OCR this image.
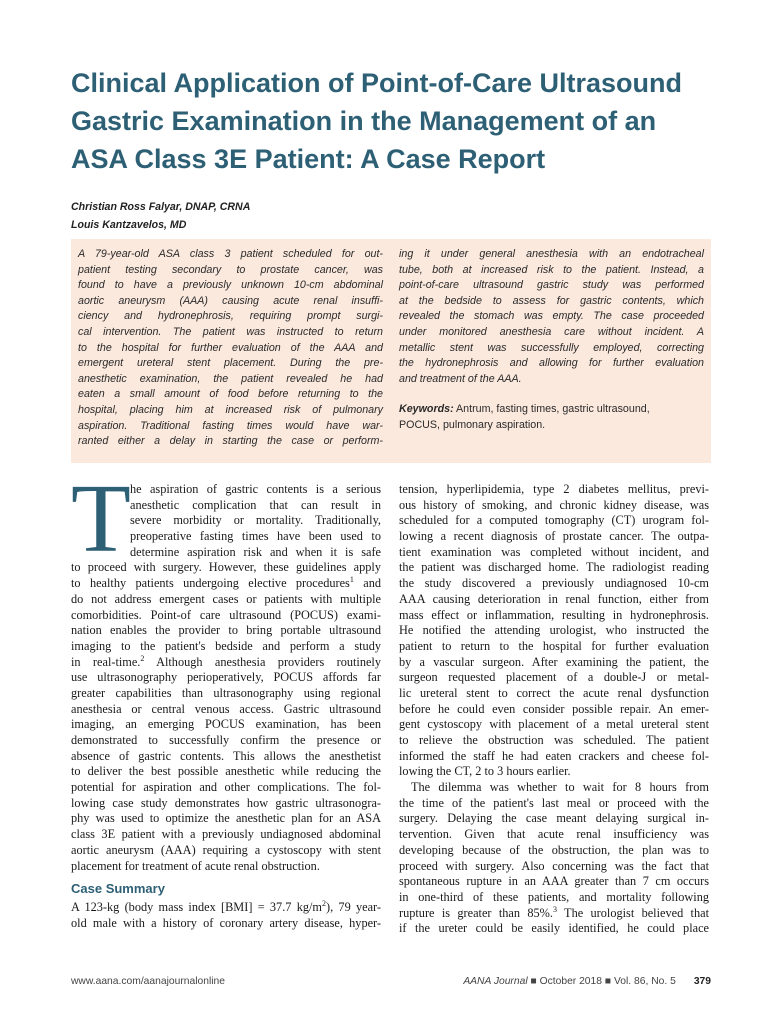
Clinical Application of Point-of-Care Ultrasound
Gastric Examination in the Management of an
ASA Class 3E Patient: A Case Report
Christian Ross Falyar, DNAP, CRNA
Louis Kantzavelos, MD
A 79-year-old ASA class 3 patient scheduled for out-
patient testing secondary to prostate cancer, was
found to have a previously unknown 10-cm abdominal
aortic aneurysm (AAA) causing acute renal insuffi-
ciency and hydronephrosis, requiring prompt surgi-
cal intervention. The patient was instructed to return
to the hospital for further evaluation of the AAA and
emergent ureteral stent placement. During the pre-
anesthetic examination, the patient revealed he had
eaten a small amount of food before returning to the
hospital, placing him at increased risk of pulmonary
aspiration. Traditional fasting times would have war-
ranted either a delay in starting the case or perform-
ing it under general anesthesia with an endotracheal
tube, both at increased risk to the patient. Instead, a
point-of-care ultrasound gastric study was performed
at the bedside to assess for gastric contents, which
revealed the stomach was empty. The case proceeded
under monitored anesthesia care without incident. A
metallic stent was successfully employed, correcting
the hydronephrosis and allowing for further evaluation
and treatment of the AAA.
Keywords: Antrum, fasting times, gastric ultrasound,
POCUS, pulmonary aspiration.
T he aspiration of gastric contents is a serious
anesthetic complication that can result in
severe morbidity or mortality. Traditionally,
preoperative fasting times have been used to
determine aspiration risk and when it is safe
to proceed with surgery. However, these guidelines apply
to healthy patients undergoing elective procedures$^1$ and
do not address emergent cases or patients with multiple
comorbidities. Point-of care ultrasound (POCUS) exami-
nation enables the provider to bring portable ultrasound
imaging to the patient's bedside and perform a study
in real-time.$^2$ Although anesthesia providers routinely
use ultrasonography perioperatively, POCUS affords far
greater capabilities than ultrasonography using regional
anesthesia or central venous access. Gastric ultrasound
imaging, an emerging POCUS examination, has been
demonstrated to successfully confirm the presence or
absence of gastric contents. This allows the anesthetist
to deliver the best possible anesthetic while reducing the
potential for aspiration and other complications. The fol-
lowing case study demonstrates how gastric ultrasonogra-
phy was used to optimize the anesthetic plan for an ASA
class 3E patient with a previously undiagnosed abdominal
aortic aneurysm (AAA) requiring a cystoscopy with stent
placement for treatment of acute renal obstruction.
Case Summary
A 123-kg (body mass index [BMI] = 37.7 $kg/m^2$), 79 year-
old male with a history of coronary artery disease, hyper-
tension, hyperlipidemia, type 2 diabetes mellitus, previ-
ous history of smoking, and chronic kidney disease, was
scheduled for a computed tomography (CT) urogram fol-
lowing a recent diagnosis of prostate cancer. The outpa-
tient examination was completed without incident, and
the patient was discharged home. The radiologist reading
the study discovered a previously undiagnosed 10-cm
AAA causing deterioration in renal function, either from
mass effect or inflammation, resulting in hydronephrosis.
He notified the attending urologist, who instructed the
patient to return to the hospital for further evaluation
by a vascular surgeon. After examining the patient, the
surgeon requested placement of a double-J or metal-
lic ureteral stent to correct the acute renal dysfunction
before he could even consider possible repair. An emer-
gent cystoscopy with placement of a metal ureteral stent
to relieve the obstruction was scheduled. The patient
informed the staff he had eaten crackers and cheese fol-
lowing the CT, 2 to 3 hours earlier.
The dilemma was whether to wait for 8 hours from
the time of the patient's last meal or proceed with the
surgery. Delaying the case meant delaying surgical in-
tervention. Given that acute renal insufficiency was
developing because of the obstruction, the plan was to
proceed with surgery. Also concerning was the fact that
spontaneous rupture in an AAA greater than 7 cm occurs
in one-third of these patients, and mortality following
rupture is greater than 85%.$^3$ The urologist believed that
if the ureter could be easily identified, he could place
www.aana.com/aanajournalonline	AANA Journal ■ October 2018 ■ Vol. 86, No. 5 379
